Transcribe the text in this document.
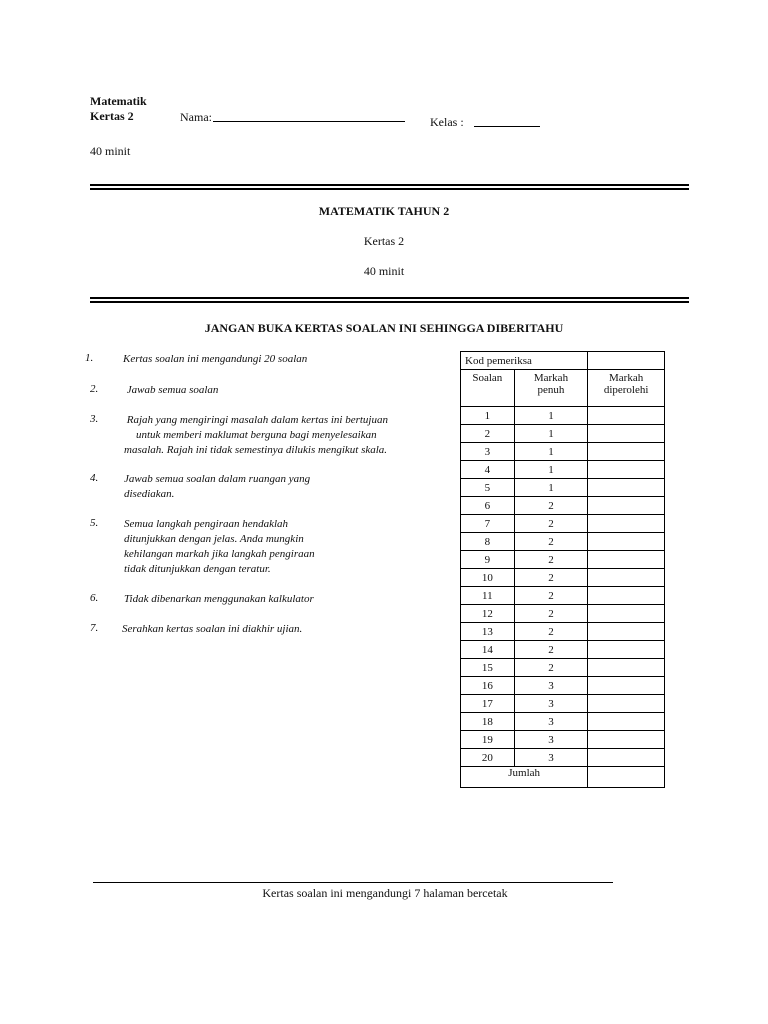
Matematik
Kertas 2	Nama:	Kelas :
40 minit
MATEMATIK TAHUN 2
Kertas 2
40 minit
JANGAN BUKA KERTAS SOALAN INI SEHINGGA DIBERITAHU
1.	Kertas soalan ini mengandungi 20 soalan
2. Jawab semua soalan
3. Rajah yang mengiringi masalah dalam kertas ini bertujuan
untuk memberi maklumat berguna bagi menyelesaikan
masalah. Rajah ini tidak semestinya dilukis mengikut skala.
4. Jawab semua soalan dalam ruangan yang
disediakan.
5. Semua langkah pengiraan hendaklah
ditunjukkan dengan jelas. Anda mungkin
kehilangan markah jika langkah pengiraan
tidak ditunjukkan dengan teratur.
6. Tidak dibenarkan menggunakan kalkulator
7. Serahkan kertas soalan ini diakhir ujian.
Kod pemeriksa		
Soalan	Markah penuh	Markah diperolehi

1	1	
2	1	
3	1	
4	1	
5	1	
6	2	
7	2	
8	2	
9	2	
10	2	
11	2	
12	2	
13	2	
14	2	
15	2	
16	3	
17	3	
18	3	
19	3	
20	3	
Jumlah		
Kertas soalan ini mengandungi 7 halaman bercetak
